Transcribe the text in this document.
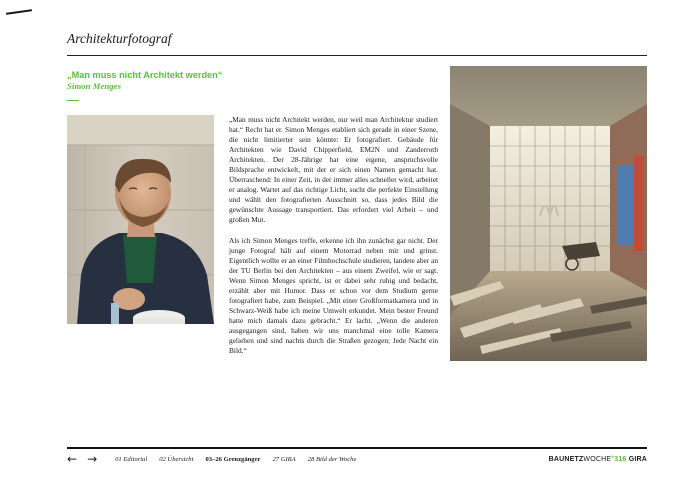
Architekturfotograf
„Man muss nicht Architekt werden“
Simon Menges

„Man muss nicht Architekt werden, nur weil man Architektur studiert hat.“ Recht hat er. Simon Menges etabliert sich gerade in einer Szene, die nicht limitierter sein könnte: Er fotografiert. Gebäude für Architekten wie David Chipperfield, EM2N und Zanderroth Architekten. Der 28-Jährige hat eine eigene, anspruchsvolle Bildsprache entwickelt, mit der er sich einen Namen gemacht hat. Überraschend: In einer Zeit, in der immer alles schneller wird, arbeitet er analog. Wartet auf das richtige Licht, sucht die perfekte Einstellung und wählt den fotografierten Ausschnitt so, dass jedes Bild die gewünschte Aussage transportiert. Das erfordert viel Arbeit – und großen Mut.

Als ich Simon Menges treffe, erkenne ich ihn zunächst gar nicht. Der junge Fotograf hält auf einem Motorrad neben mir und grinst. Eigentlich wollte er an einer Filmhochschule studieren, landete aber an der TU Berlin bei den Architekten – aus einem Zweifel, wie er sagt. Wenn Simon Menges spricht, ist er dabei sehr ruhig und bedacht, erzählt aber mit Humor. Dass er schon vor dem Studium gerne fotografiert habe, zum Beispiel. „Mit einer Großformatkamera und in Schwarz-Weiß habe ich meine Umwelt erkundet. Mein bester Freund hatte mich damals dazu gebracht.“ Er lacht. „Wenn die anderen ausgegangen sind, haben wir uns manchmal eine tolle Kamera geliehen und sind nachts durch die Straßen gezogen; Jede Nacht ein Bild.“

← →	01 Editorial 02 Übersicht 03–26 Grenzgänger 27 GIRA 28 Bild der Woche	BAUNETZWOCHE°316 GIRA
